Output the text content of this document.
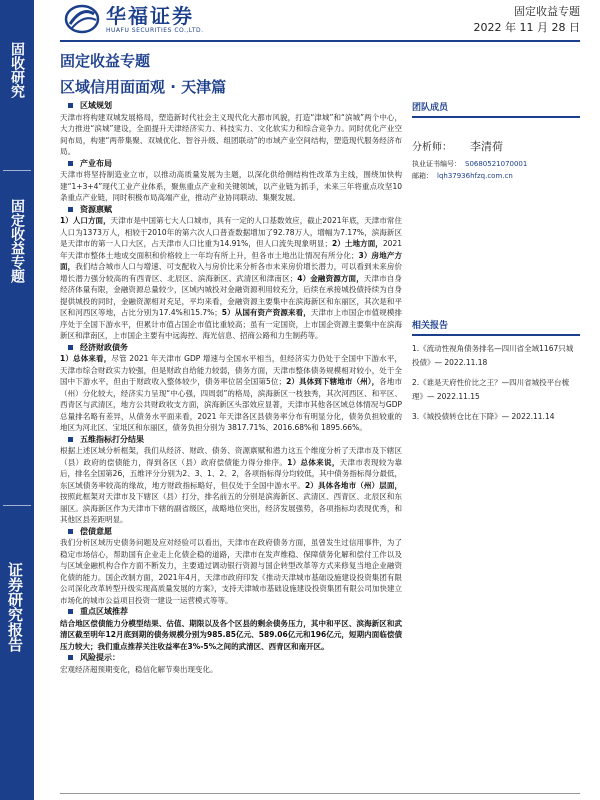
固收研究
固定收益专题
证券研究报告
华福证券
HUAFU SECURITIES CO.,LTD.
固定收益专题
2022 年 11 月 28 日
固定收益专题
区域信用面面观 · 天津篇
区域规划
天津市将构建双城发展格局，塑造新时代社会主义现代化大都市风貌，打造“津城”和“滨城”两个中心，大力推进“滨城”建设，全面提升天津经济实力、科技实力、文化软实力和综合竞争力。同时优化产业空间布局，构建“两带集聚、双城优化、智谷升级、组团联动”的市域产业空间结构，塑造现代服务经济布局。
产业布局
天津市将坚持制造业立市，以推动高质量发展为主题，以深化供给侧结构性改革为主线，围绕加快构建“1+3+4”现代工业产业体系，聚焦重点产业和关键领域，以产业链为抓手，未来三年将重点攻坚10条重点产业链，同时积极布局高端产业，推动产业协同联动、集聚发展。
资源禀赋
1）人口方面，天津市是中国第七大人口城市，具有一定的人口基数效应，截止2021年底，天津市常住人口为1373万人，相较于2010年的第六次人口普查数据增加了92.78万人，增幅为7.17%，滨海新区是天津市的第一人口大区，占天津市人口比重为14.91%，但人口流失现象明显；2）土地方面，2021年天津市整体土地成交面积和价格较上一年均有所上升，但各市土地出让情况有所分化；3）房地产方面，我们结合城市人口与增速、可支配收入与房价比来分析各市未来房价增长潜力，可以看到未来房价增长潜力强分较高的有西青区、北辰区、滨海新区、武清区和津南区；4）金融资源方面，天津市自身经济体量有限，金融资源总量较少，区域内城投对金融资源利用较充分，后续在承接城投债持续为自身提供城投的同时，金融资源相对充足，平均来看，金融资源主要集中在滨海新区和东丽区，其次是和平区和河西区等地，占比分别为17.4%和15.7%；5）从国有资产资源来看，天津市上市国企市值规模排序处于全国下游水平，但累计市值占国企市值比重较高；虽有一定国资，上市国企资源主要集中在滨海新区和津南区，上市国企主要有中远海控、海光信息、招商公路和力生制药等。
经济财政债务
1）总体来看，尽管 2021 年天津市 GDP 增速与全国水平相当，但经济实力仍处于全国中下游水平，天津市综合财政实力较强，但是财政自给能力较弱，债务方面，天津市整体债务规模相对较小，处于全国中下游水平，但由于财政收入整体较少，债务率位居全国第5位；2）具体到下辖地市（州），各地市（州）分化较大，经济实力呈现“中心强，四周弱”的格局，滨海新区一枝独秀，其次河西区、和平区、西青区与武清区，地方公共财政收支方面，滨海新区头部效应显著，天津市其他各区域总体情况与GDP总量排名略有差异，从债务水平面来看，2021 年天津各区县债务率分布有明显分化，债务负担较重的地区为河北区、宝坻区和东丽区，债务负担分别为 3817.71%、2016.68%和 1895.66%。
五维指标打分结果
根据上述区域分析框架，我们从经济、财政、债务、资源禀赋和潜力这五个维度分析了天津市及下辖区（县）政府的偿债能力，得到各区（县）政府偿债能力得分排序。1）总体来说，天津市表现较为靠后，排名全国第26，五维评分分别为2、3、1、2、2，各项指标得分均较低，其中债务指标得分最低，东区域债务率较高的缘故，地方财政指标略好，但仅处于全国中游水平。2）具体各地市（州）层面，按照此框架对天津市及下辖区（县）打分，排名前五的分别是滨海新区、武清区、西青区、北辰区和东丽区。滨海新区作为天津市下辖的副省级区，战略地位突出，经济发展强势，各项指标均表现优秀，和其他区县差距明显。
偿债意愿
我们分析区域历史债务问题及应对经验可以看出，天津市在政府债务方面，虽曾发生过信用事件，为了稳定市场信心，帮助国有企业走上化债企稳的道路，天津市在发声维稳、保障债务化解和偿付工作以及与区域金融机构合作方面不断发力，主要通过调动银行资源与国企转型改革等方式来修复当地企业融资化债的能力。国企改制方面，2021年4月，天津市政府印发《推动天津城市基础设施建设投资集团有限公司深化改革转型升级实现高质量发展的方案》，支持天津城市基础设施建设投资集团有限公司加快建立市场化的城市公益项目投资一建设一运营模式等等。
重点区域推荐
结合地区偿债能力分模型结果、估值、期限以及各个区县的剩余债务压力，其中和平区、滨海新区和武清区截至明年12月底到期的债务规模分别为985.85亿元、589.06亿元和196亿元，短期内面临偿债压力较大；我们重点推荐关注收益率在3%-5%之间的武清区、西青区和南开区。
风险提示：
宏观经济超预期变化，稳信化解节奏出现变化。
团队成员
分析师： 李清荷
执业证书编号： S0680521070001
邮箱： lqh37936hfzq.com.cn
相关报告
1.《流动性视角债务排名—四川省全域1167只城投债》— 2022.11.18
2.《谁是天府性价比之王？—四川省城投平台梳理》— 2022.11.15
3.《城投债转仓比在下降》— 2022.11.14
